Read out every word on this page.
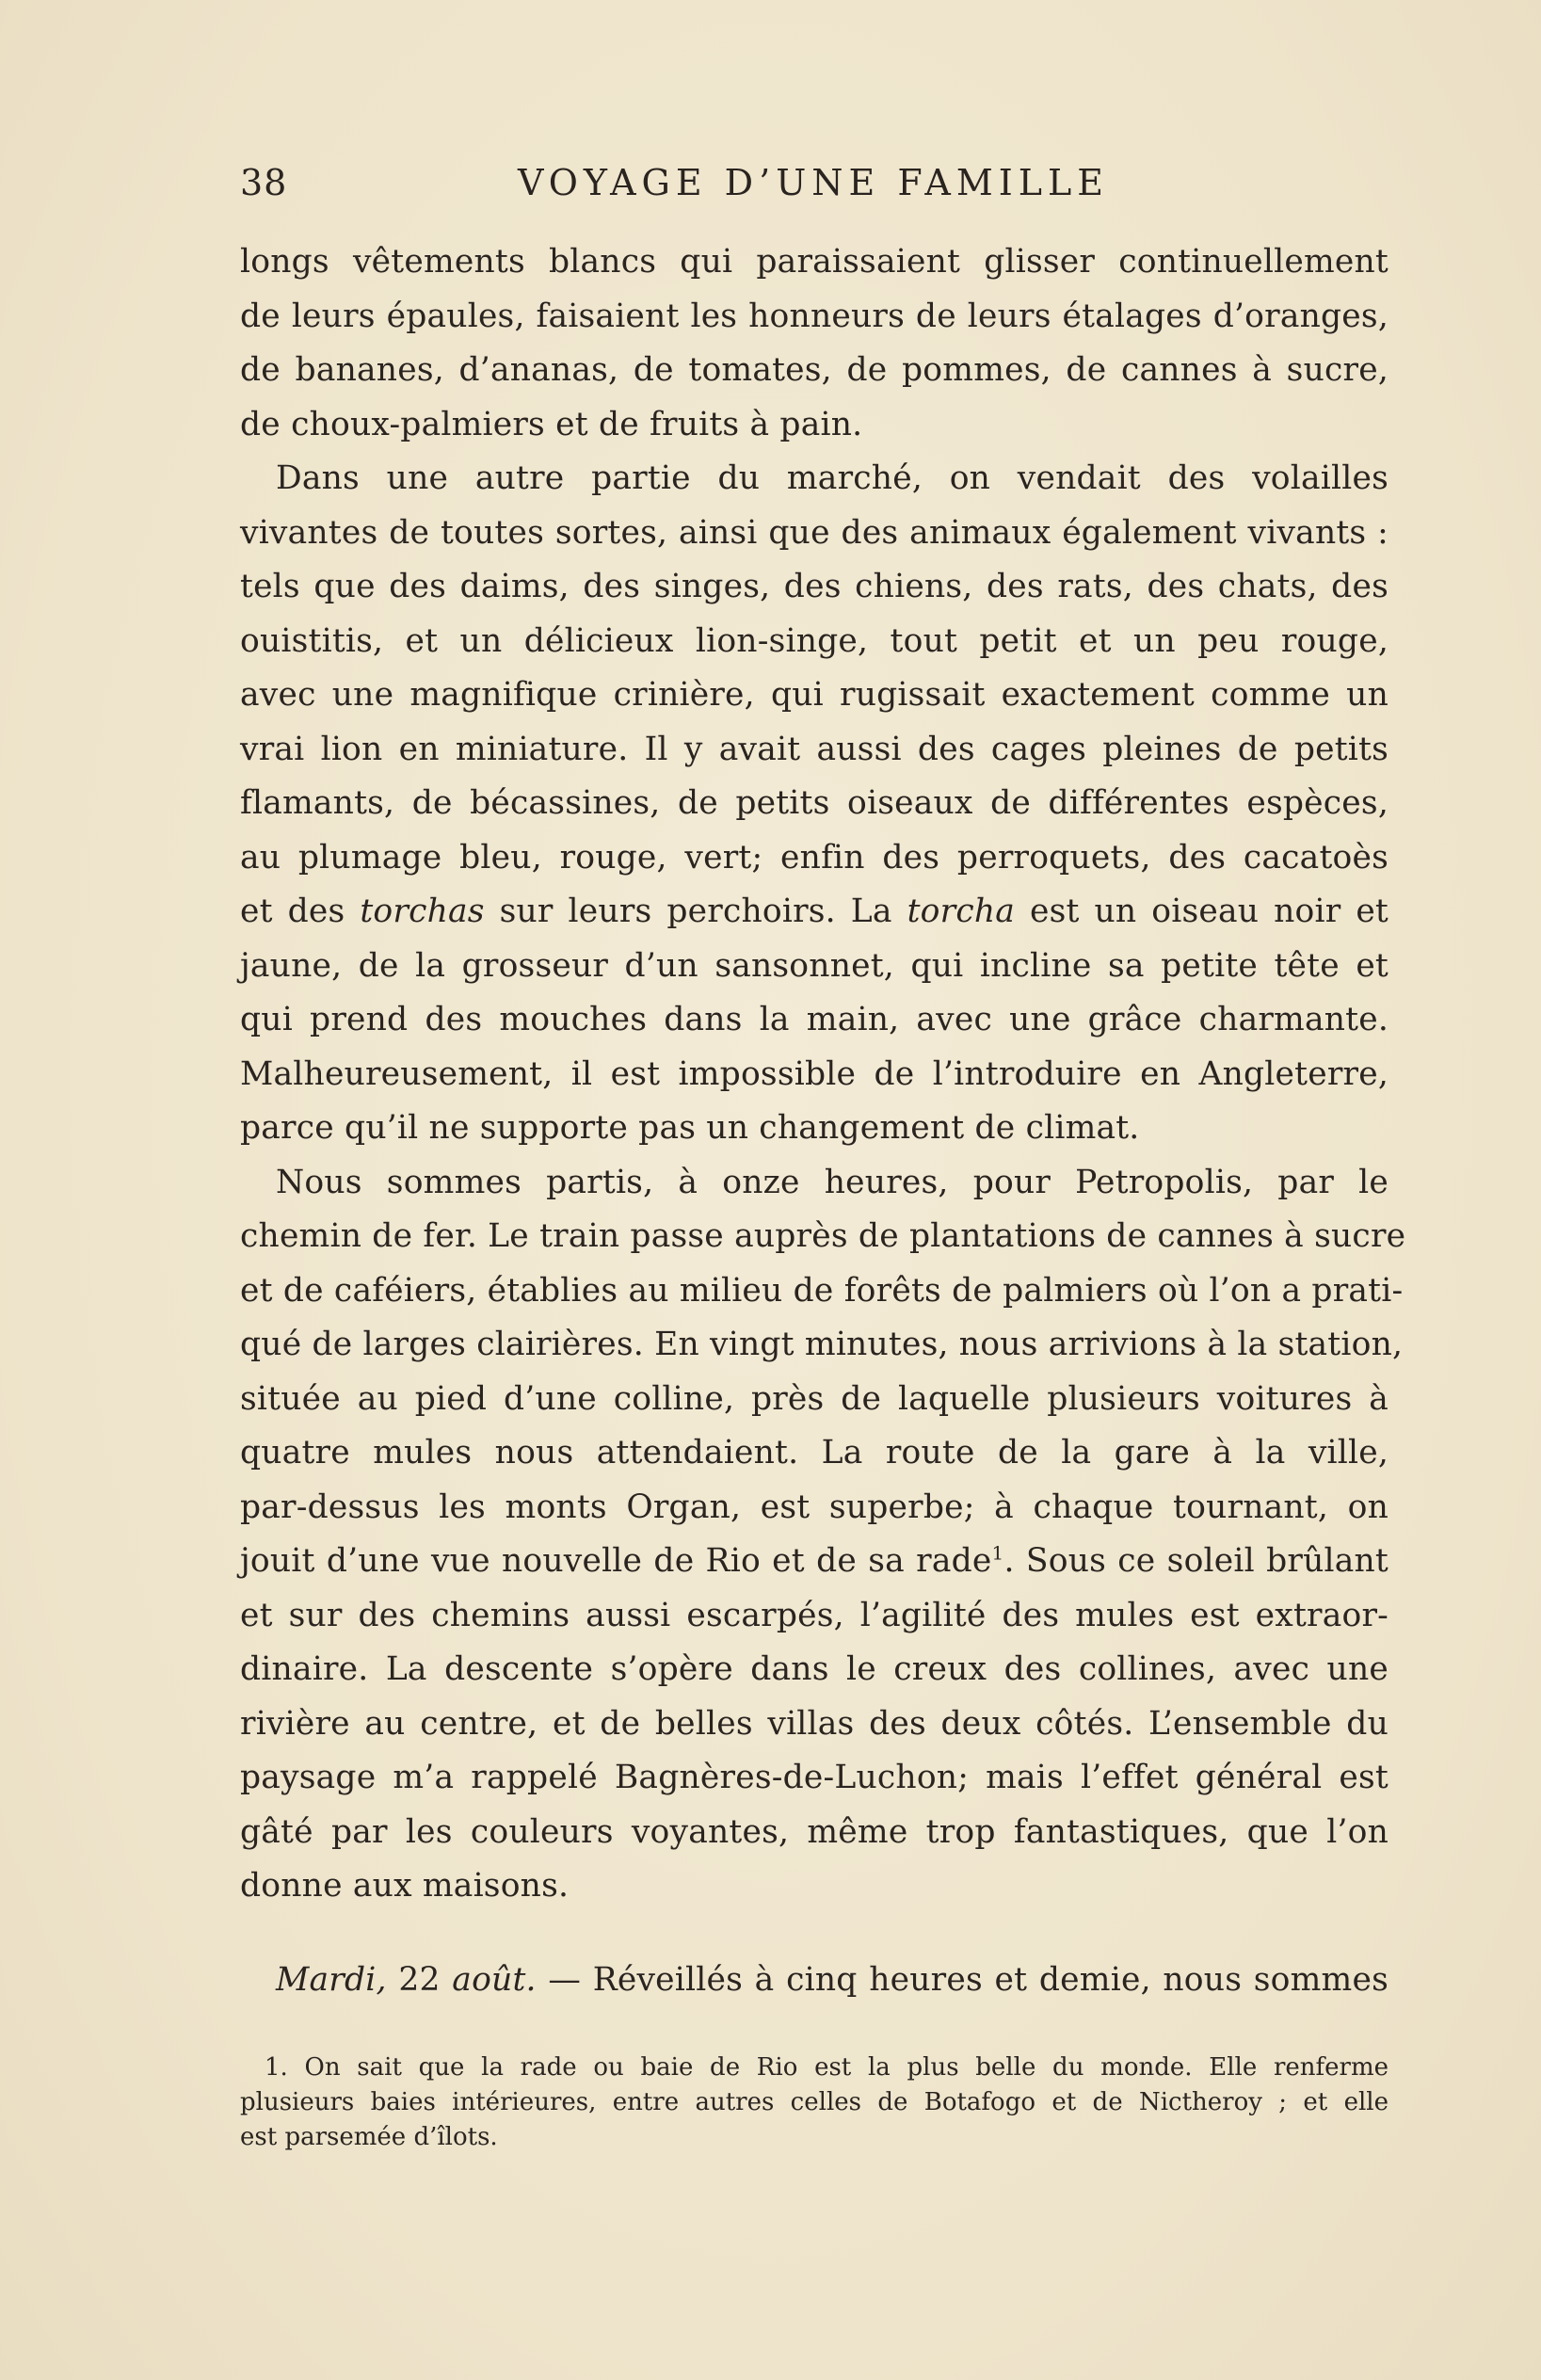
38	VOYAGE D’UNE FAMILLE
longs vêtements blancs qui paraissaient glisser continuellement
de leurs épaules, faisaient les honneurs de leurs étalages d’oranges,
de bananes, d’ananas, de tomates, de pommes, de cannes à sucre,
de choux-palmiers et de fruits à pain.
Dans une autre partie du marché, on vendait des volailles
vivantes de toutes sortes, ainsi que des animaux également vivants :
tels que des daims, des singes, des chiens, des rats, des chats, des
ouistitis, et un délicieux lion-singe, tout petit et un peu rouge,
avec une magnifique crinière, qui rugissait exactement comme un
vrai lion en miniature. Il y avait aussi des cages pleines de petits
flamants, de bécassines, de petits oiseaux de différentes espèces,
au plumage bleu, rouge, vert; enfin des perroquets, des cacatoès
et des torchas sur leurs perchoirs. La torcha est un oiseau noir et
jaune, de la grosseur d’un sansonnet, qui incline sa petite tête et
qui prend des mouches dans la main, avec une grâce charmante.
Malheureusement, il est impossible de l’introduire en Angleterre,
parce qu’il ne supporte pas un changement de climat.
Nous sommes partis, à onze heures, pour Petropolis, par le
chemin de fer. Le train passe auprès de plantations de cannes à sucre
et de caféiers, établies au milieu de forêts de palmiers où l’on a prati-
qué de larges clairières. En vingt minutes, nous arrivions à la station,
située au pied d’une colline, près de laquelle plusieurs voitures à
quatre mules nous attendaient. La route de la gare à la ville,
par-dessus les monts Organ, est superbe; à chaque tournant, on
jouit d’une vue nouvelle de Rio et de sa rade$^1$. Sous ce soleil brûlant
et sur des chemins aussi escarpés, l’agilité des mules est extraor-
dinaire. La descente s’opère dans le creux des collines, avec une
rivière au centre, et de belles villas des deux côtés. L’ensemble du
paysage m’a rappelé Bagnères-de-Luchon; mais l’effet général est
gâté par les couleurs voyantes, même trop fantastiques, que l’on
donne aux maisons.
Mardi, 22 août. — Réveillés à cinq heures et demie, nous sommes
1. On sait que la rade ou baie de Rio est la plus belle du monde. Elle renferme
plusieurs baies intérieures, entre autres celles de Botafogo et de Nictheroy ; et elle
est parsemée d’îlots.
